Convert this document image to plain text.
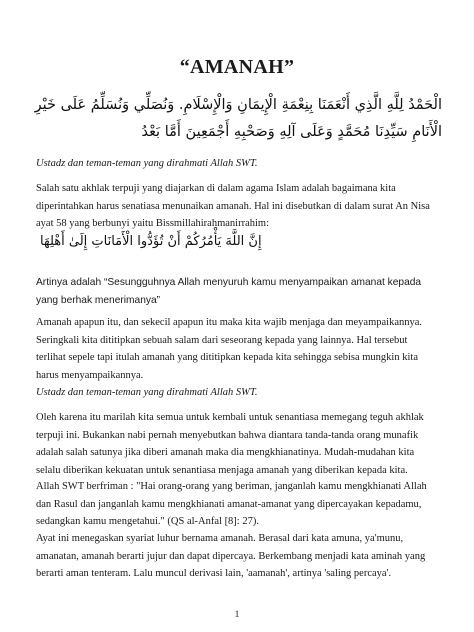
“AMANAH”
الْحَمْدُ لِلَّهِ الَّذِي أَنْعَمَنَا بِنِعْمَةِ الْإِيمَانِ وَالْإِسْلَامِ. وَنُصَلِّي وَنُسَلِّمُ عَلَى خَيْرِ الْأَنَامِ سَيِّدِنَا مُحَمَّدٍ وَعَلَى آلِهِ وَصَحْبِهِ أَجْمَعِينَ أَمَّا بَعْدُ

Ustadz dan teman-teman yang dirahmati Allah SWT.

Salah satu akhlak terpuji yang diajarkan di dalam agama Islam adalah bagaimana kita diperintahkan harus senatiasa menunaikan amanah. Hal ini disebutkan di dalam surat An Nisa ayat 58 yang berbunyi yaitu Bissmillahirahmanirrahim:

إِنَّ اللَّهَ يَأْمُرُكُمْ أَنْ تُؤَدُّوا الْأَمَانَاتِ إِلَىٰ أَهْلِهَا

Artinya adalah “Sesungguhnya Allah menyuruh kamu menyampaikan amanat kepada yang berhak menerimanya”

Amanah apapun itu, dan sekecil apapun itu maka kita wajib menjaga dan meyampaikannya. Seringkali kita dititipkan sebuah salam dari seseorang kepada yang lainnya. Hal tersebut terlihat sepele tapi itulah amanah yang dititipkan kepada kita sehingga sebisa mungkin kita harus menyampaikannya.

Ustadz dan teman-teman yang dirahmati Allah SWT.

Oleh karena itu marilah kita semua untuk kembali untuk senantiasa memegang teguh akhlak terpuji ini. Bukankan nabi pernah menyebutkan bahwa diantara tanda-tanda orang munafik adalah salah satunya jika diberi amanah maka dia mengkhianatinya. Mudah-mudahan kita selalu diberikan kekuatan untuk senantiasa menjaga amanah yang diberikan kepada kita.

Allah SWT berfriman : "Hai orang-orang yang beriman, janganlah kamu mengkhianati Allah dan Rasul dan janganlah kamu mengkhianati amanat-amanat yang dipercayakan kepadamu, sedangkan kamu mengetahui." (QS al-Anfal [8]: 27).

Ayat ini menegaskan syariat luhur bernama amanah. Berasal dari kata amuna, ya'munu, amanatan, amanah berarti jujur dan dapat dipercaya. Berkembang menjadi kata aminah yang berarti aman tenteram. Lalu muncul derivasi lain, 'aamanah', artinya 'saling percaya'.

1
